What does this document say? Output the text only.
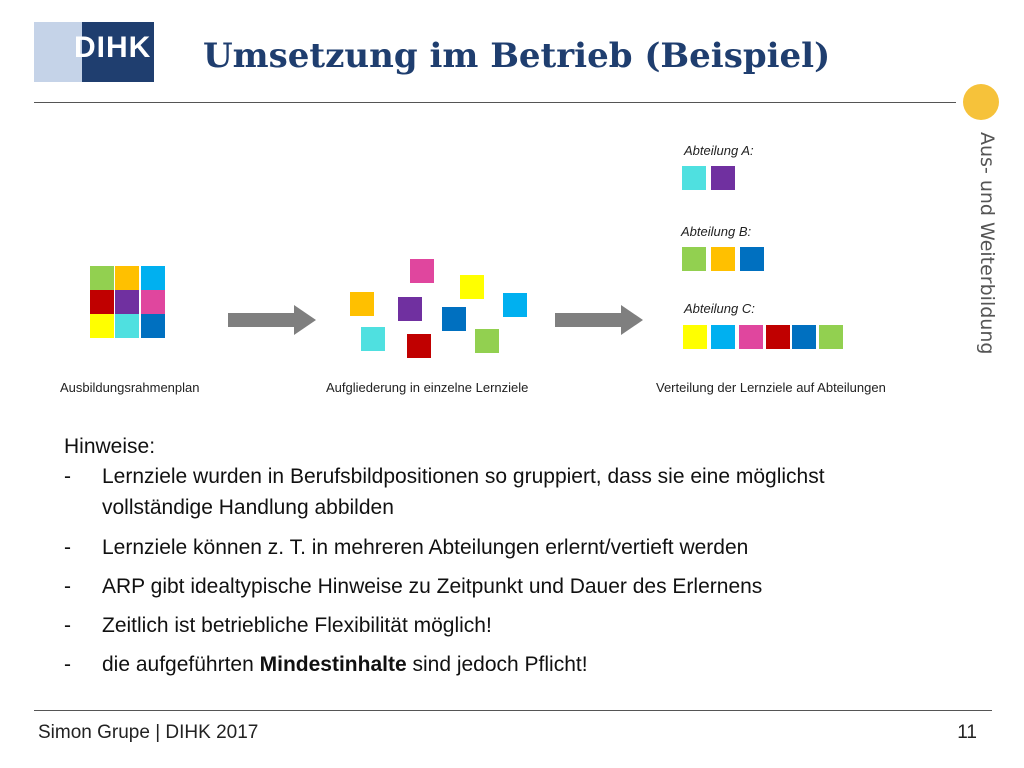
DIHK Umsetzung im Betrieb (Beispiel)
Aus- und Weiterbildung
Ausbildungsrahmenplan	Aufgliederung in einzelne Lernziele
Abteilung A:
Abteilung B:
Abteilung C:
Verteilung der Lernziele auf Abteilungen
Hinweise:
- Lernziele wurden in Berufsbildpositionen so gruppiert, dass sie eine möglichst vollständige Handlung abbilden
- Lernziele können z. T. in mehreren Abteilungen erlernt/vertieft werden
- ARP gibt idealtypische Hinweise zu Zeitpunkt und Dauer des Erlernens
- Zeitlich ist betriebliche Flexibilität möglich!
- die aufgeführten Mindestinhalte sind jedoch Pflicht!
Simon Grupe | DIHK 2017	11
